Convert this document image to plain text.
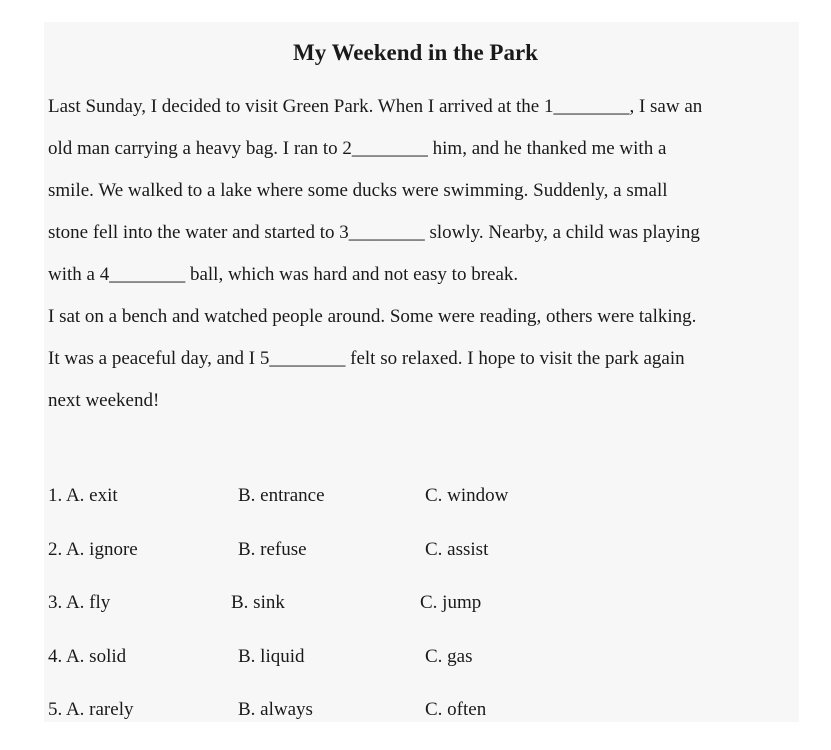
My Weekend in the Park
Last Sunday, I decided to visit Green Park. When I arrived at the 1________, I saw an
old man carrying a heavy bag. I ran to 2________ him, and he thanked me with a
smile. We walked to a lake where some ducks were swimming. Suddenly, a small
stone fell into the water and started to 3________ slowly. Nearby, a child was playing
with a 4________ ball, which was hard and not easy to break.
I sat on a bench and watched people around. Some were reading, others were talking.
It was a peaceful day, and I 5________ felt so relaxed. I hope to visit the park again
next weekend!
1. A. exit	B. entrance	C. window
2. A. ignore	B. refuse	C. assist
3. A. fly	B. sink	C. jump
4. A. solid	B. liquid	C. gas
5. A. rarely	B. always	C. often
